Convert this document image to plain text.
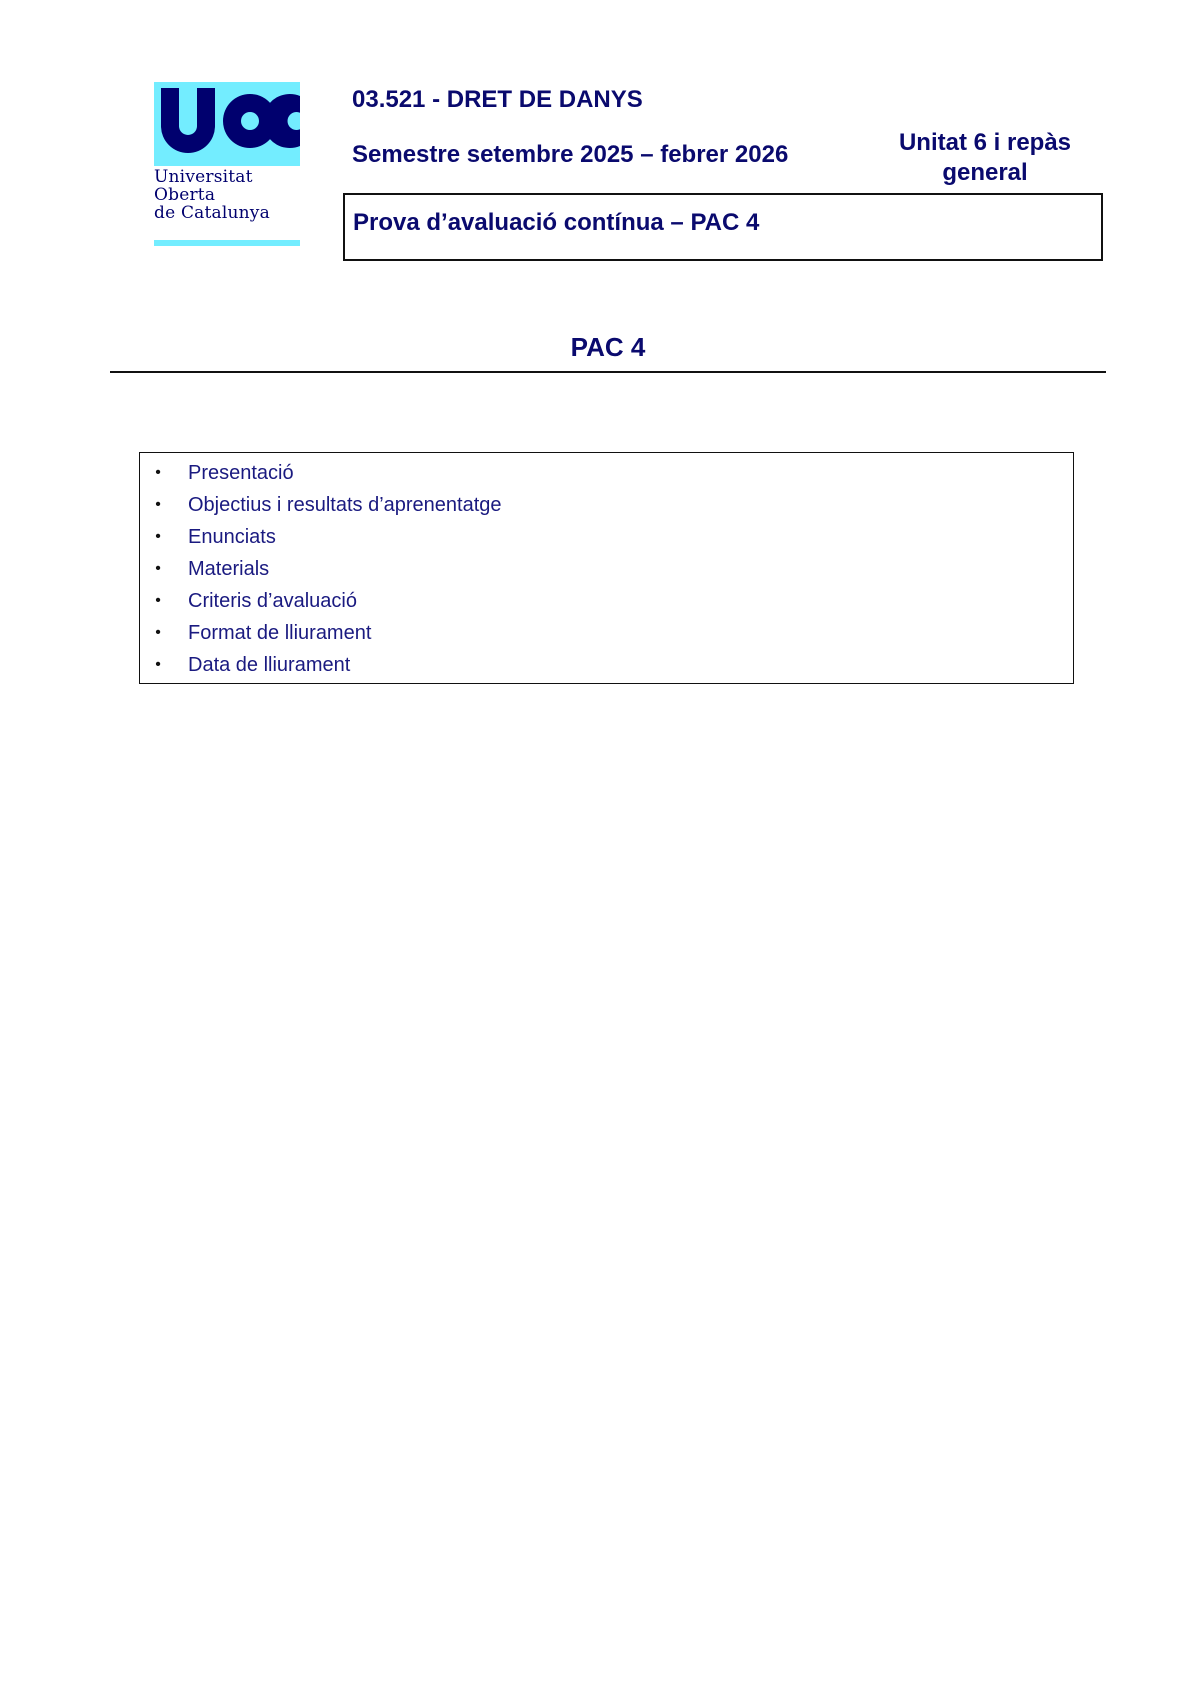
Universitat
Oberta
de Catalunya
03.521 - DRET DE DANYS
Semestre setembre 2025 – febrer 2026	Unitat 6 i repàs general
Prova d’avaluació contínua – PAC 4
PAC 4
• Presentació
• Objectius i resultats d’aprenentatge
• Enunciats
• Materials
• Criteris d’avaluació
• Format de lliurament
• Data de lliurament
